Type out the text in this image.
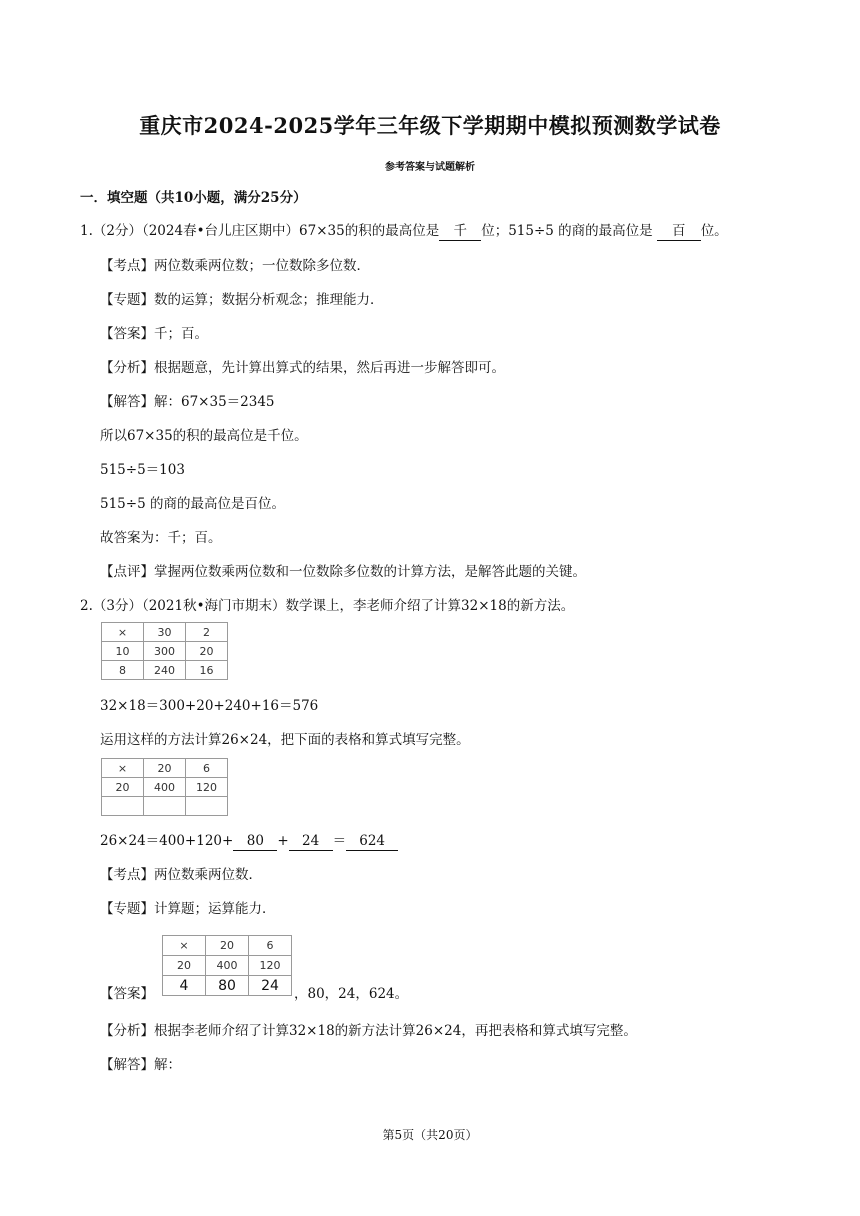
重庆市2024-2025学年三年级下学期期中模拟预测数学试卷
参考答案与试题解析
一．填空题（共10小题，满分25分）
1.（2分）（2024春•台儿庄区期中）67×35的积的最高位是 千 位；515÷5 的商的最高位是 百 位。
【考点】两位数乘两位数；一位数除多位数．
【专题】数的运算；数据分析观念；推理能力．
【答案】千；百。
【分析】根据题意，先计算出算式的结果，然后再进一步解答即可。
【解答】解：67×35＝2345
所以67×35的积的最高位是千位。
515÷5＝103
515÷5 的商的最高位是百位。
故答案为：千；百。
【点评】掌握两位数乘两位数和一位数除多位数的计算方法，是解答此题的关键。
2.（3分）（2021秋•海门市期末）数学课上，李老师介绍了计算32×18的新方法。
×	30	2
10	300	20
8	240	16
32×18＝300+20+240+16＝576
运用这样的方法计算26×24，把下面的表格和算式填写完整。
×	20	6
20	400	120

26×24＝400+120+ 80 + 24 ＝ 624
【考点】两位数乘两位数．
【专题】计算题；运算能力．
【答案】
×	20	6
20	400	120
4	80	24
，80，24，624。
【分析】根据李老师介绍了计算32×18的新方法计算26×24，再把表格和算式填写完整。
【解答】解：
第5页（共20页）
